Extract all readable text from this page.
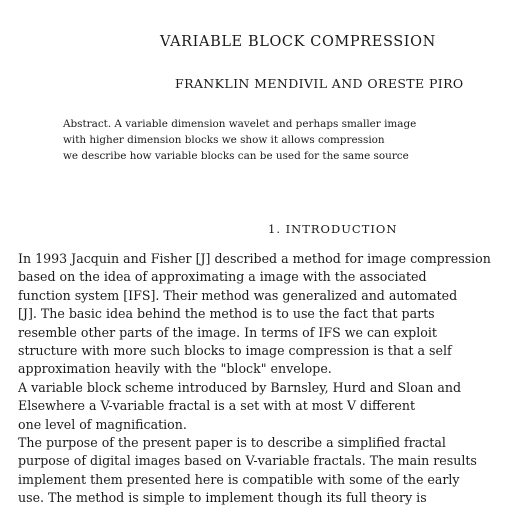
VARIABLE BLOCK COMPRESSION
FRANKLIN MENDIVIL AND ORESTE PIRO

Abstract. A variable dimension wavelet and perhaps smaller image

with higher dimension blocks we show it allows compression

we describe how variable blocks can be used for the same source

1. INTRODUCTION

In 1993 Jacquin and Fisher [J] described a method for image compression

based on the idea of approximating a image with the associated

function system [IFS]. Their method was generalized and automated

[J]. The basic idea behind the method is to use the fact that parts

resemble other parts of the image. In terms of IFS we can exploit

structure with more such blocks to image compression is that a self

approximation heavily with the "block" envelope.

A variable block scheme introduced by Barnsley, Hurd and Sloan and

Elsewhere a V-variable fractal is a set with at most V different

one level of magnification.

The purpose of the present paper is to describe a simplified fractal

purpose of digital images based on V-variable fractals. The main results

implement them presented here is compatible with some of the early

use. The method is simple to implement though its full theory is
